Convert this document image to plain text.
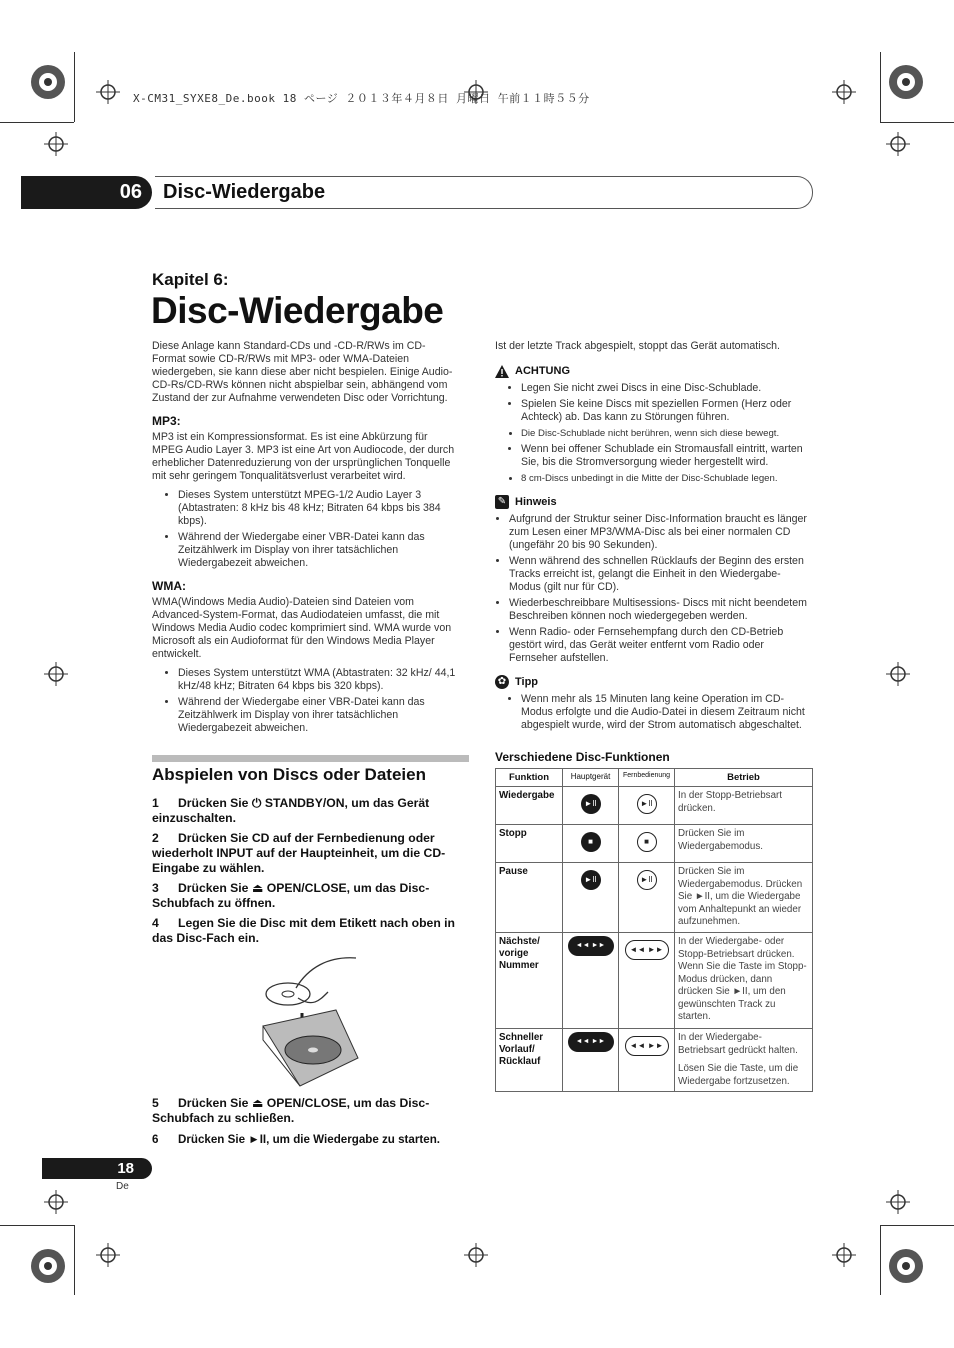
X-CM31_SYXE8_De.book 18 ページ ２０１３年４月８日 月曜日 午前１１時５５分
06	Disc-Wiedergabe
Kapitel 6:
Disc-Wiedergabe

Diese Anlage kann Standard-CDs und -CD-R/RWs im CD-Format sowie CD-R/RWs mit MP3- oder WMA-Dateien wiedergeben, sie kann diese aber nicht bespielen. Einige Audio-CD-Rs/CD-RWs können nicht abspielbar sein, abhängend vom Zustand der zur Aufnahme verwendeten Disc oder Vorrichtung.

MP3:

MP3 ist ein Kompressionsformat. Es ist eine Abkürzung für MPEG Audio Layer 3. MP3 ist eine Art von Audiocode, der durch erheblicher Datenreduzierung von der ursprünglichen Tonquelle mit sehr geringem Tonqualitätsverlust verarbeitet wird.

• Dieses System unterstützt MPEG-1/2 Audio Layer 3 (Abtastraten: 8 kHz bis 48 kHz; Bitraten 64 kbps bis 384 kbps).
• Während der Wiedergabe einer VBR-Datei kann das Zeitzählwerk im Display von ihrer tatsächlichen Wiedergabezeit abweichen.
WMA:

WMA(Windows Media Audio)-Dateien sind Dateien vom Advanced-System-Format, das Audiodateien umfasst, die mit Windows Media Audio codec komprimiert sind. WMA wurde von Microsoft als ein Audioformat für den Windows Media Player entwickelt.

• Dieses System unterstützt WMA (Abtastraten: 32 kHz/ 44,1 kHz/48 kHz; Bitraten 64 kbps bis 320 kbps).
• Während der Wiedergabe einer VBR-Datei kann das Zeitzählwerk im Display von ihrer tatsächlichen Wiedergabezeit abweichen.
Abspielen von Discs oder Dateien
1 Drücken Sie ⏻ STANDBY/ON, um das Gerät einzuschalten.
2 Drücken Sie CD auf der Fernbedienung oder wiederholt INPUT auf der Haupteinheit, um die CD-Eingabe zu wählen.
3 Drücken Sie ⏏ OPEN/CLOSE, um das Disc-Schubfach zu öffnen.
4 Legen Sie die Disc mit dem Etikett nach oben in das Disc-Fach ein.
5 Drücken Sie ⏏ OPEN/CLOSE, um das Disc-Schubfach zu schließen.
6 Drücken Sie ►II, um die Wiedergabe zu starten.

Ist der letzte Track abgespielt, stoppt das Gerät automatisch.

ACHTUNG
• Legen Sie nicht zwei Discs in eine Disc-Schublade.
• Spielen Sie keine Discs mit speziellen Formen (Herz oder Achteck) ab. Das kann zu Störungen führen.
• Die Disc-Schublade nicht berühren, wenn sich diese bewegt.
• Wenn bei offener Schublade ein Stromausfall eintritt, warten Sie, bis die Stromversorgung wieder hergestellt wird.
• 8 cm-Discs unbedingt in die Mitte der Disc-Schublade legen.
✎ Hinweis
• Aufgrund der Struktur seiner Disc-Information braucht es länger zum Lesen einer MP3/WMA-Disc als bei einer normalen CD (ungefähr 20 bis 90 Sekunden).
• Wenn während des schnellen Rücklaufs der Beginn des ersten Tracks erreicht ist, gelangt die Einheit in den Wiedergabe- Modus (gilt nur für CD).
• Wiederbeschreibbare Multisessions- Discs mit nicht beendetem Beschreiben können noch wiedergegeben werden.
• Wenn Radio- oder Fernsehempfang durch den CD-Betrieb gestört wird, das Gerät weiter entfernt vom Radio oder Fernseher aufstellen.
✿ Tipp
• Wenn mehr als 15 Minuten lang keine Operation im CD-Modus erfolgte und die Audio-Datei in diesem Zeitraum nicht abgespielt wurde, wird der Strom automatisch abgeschaltet.
Verschiedene Disc-Funktionen
Funktion	Hauptgerät	Fernbedienung	Betrieb
Wiedergabe	►II	►II	In der Stopp-Betriebsart drücken.
Stopp	■	■	Drücken Sie im Wiedergabemodus.
Pause	►II	►II	Drücken Sie im Wiedergabemodus. Drücken Sie ►II, um die Wiedergabe vom Anhaltepunkt an wieder aufzunehmen.
Nächste/ vorige Nummer	◄◄ ►►	◄◄ ►►	In der Wiedergabe- oder Stopp-Betriebsart drücken. Wenn Sie die Taste im Stopp-Modus drücken, dann drücken Sie ►II, um den gewünschten Track zu starten.
Schneller Vorlauf/ Rücklauf	◄◄ ►►	◄◄ ►►	In der Wiedergabe-Betriebsart gedrückt halten.
Lösen Sie die Taste, um die Wiedergabe fortzusetzen.
18
De
